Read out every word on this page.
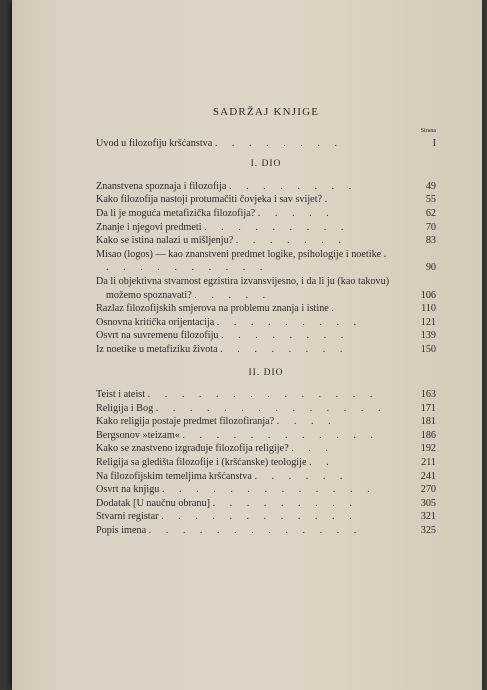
SADRŽAJ KNJIGE
Strana
Uvod u filozofiju kršćanstva . . . . . . . .	I
I. DIO
Znanstvena spoznaja i filozofija . . . . . . . .	49
Kako filozofija nastoji protumačiti čovjeka i sav svijet? .	55
Da li je moguća metafizička filozofija? . . . . .	62
Znanje i njegovi predmeti . . . . . . . . .	70
Kako se istina nalazi u mišljenju? . . . . . . .	83
Misao (logos) — kao znanstveni predmet logike, psihologije i noetike . . . . . . . . . . .	90
Da li objektivna stvarnost egzistira izvansvijesno, i da li ju (kao takovu) možemo spoznavati? . . . . .	106
Razlaz filozofijskih smjerova na problemu znanja i istine .	110
Osnovna kritička orijentacija . . . . . . . . .	121
Osvrt na suvremenu filozofiju . . . . . . . .	139
Iz noetike u metafiziku života . . . . . . . .	150
II. DIO
Teist i ateist . . . . . . . . . . . . . .	163
Religija i Bog . . . . . . . . . . . . . .	171
Kako religija postaje predmet filozofiranja? . . . .	181
Bergsonov »teizam« . . . . . . . . . . . .	186
Kako se znastveno izgrađuje filozofija religije? . . .	192
Religija sa gledišta filozofije i (kršćanske) teologije . .	211
Na filozofijskim temeljima kršćanstva . . . . . .	241
Osvrt na knjigu . . . . . . . . . . . . .	270
Dodatak [U naučnu obranu] . . . . . . . . .	305
Stvarni registar . . . . . . . . . . . .	321
Popis imena . . . . . . . . . . . . .	325
